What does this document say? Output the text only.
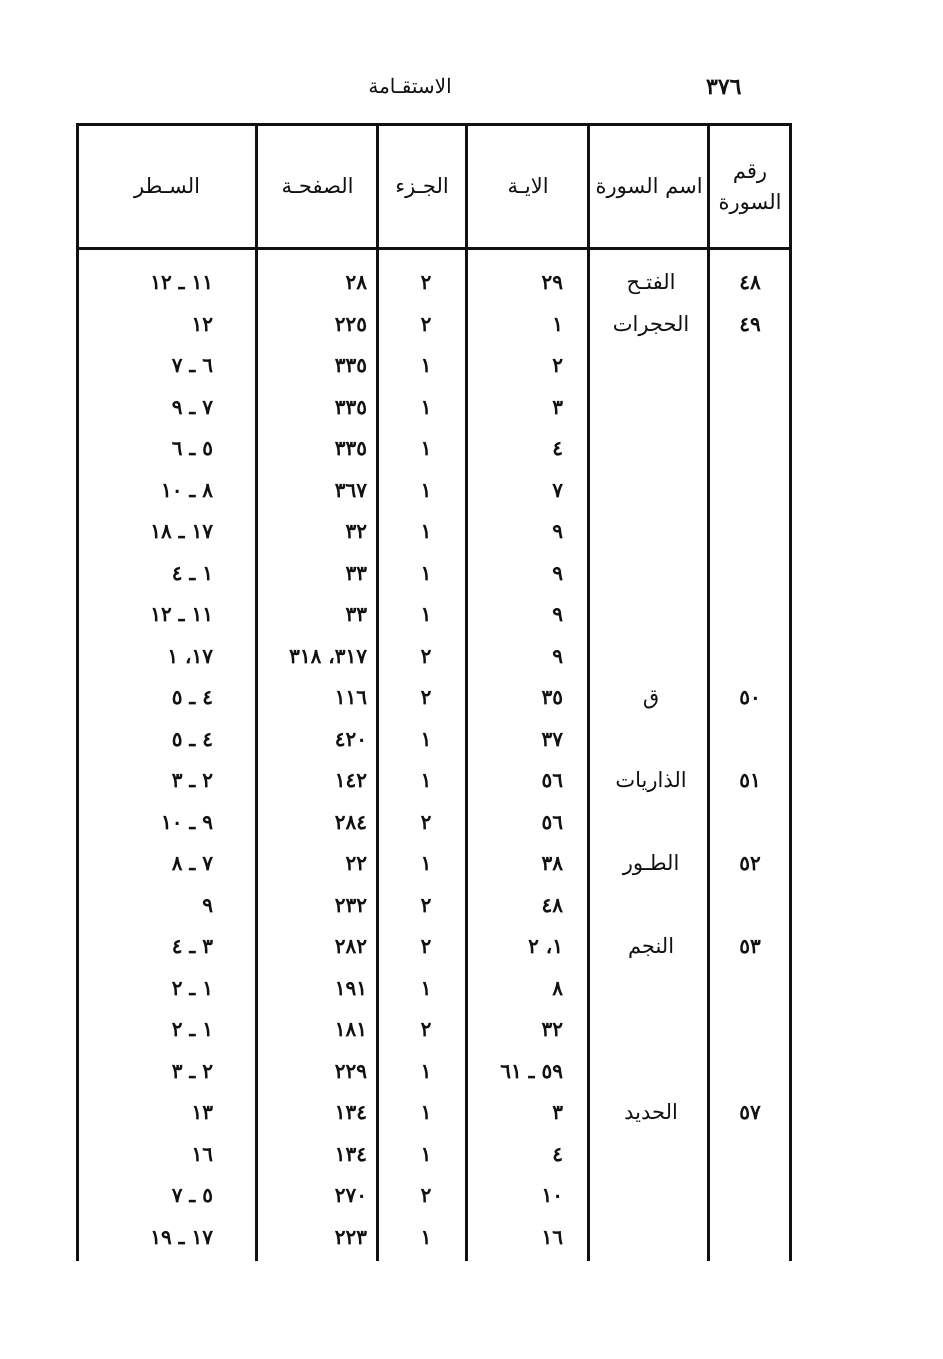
٣٧٦
الاستقـامة
رقم السورة
اسم السورة
الايـة
الجـزء
الصفحـة
السـطر
٤٨
الفتـح
٢٩
٢
٢٨
١١ ـ ١٢
٤٩
الحجرات
١
٢
٢٢٥
١٢
٢
١
٣٣٥
٦ ـ ٧
٣
١
٣٣٥
٧ ـ ٩
٤
١
٣٣٥
٥ ـ ٦
٧
١
٣٦٧
٨ ـ ١٠
٩
١
٣٢
١٧ ـ ١٨
٩
١
٣٣
١ ـ ٤
٩
١
٣٣
١١ ـ ١٢
٩
٢
٣١٧، ٣١٨
١٧، ١
٥٠
ق
٣٥
٢
١١٦
٤ ـ ٥
٣٧
١
٤٢٠
٤ ـ ٥
٥١
الذاريات
٥٦
١
١٤٢
٢ ـ ٣
٥٦
٢
٢٨٤
٩ ـ ١٠
٥٢
الطـور
٣٨
١
٢٢
٧ ـ ٨
٤٨
٢
٢٣٢
٩
٥٣
النجم
١، ٢
٢
٢٨٢
٣ ـ ٤
٨
١
١٩١
١ ـ ٢
٣٢
٢
١٨١
١ ـ ٢
٥٩ ـ ٦١
١
٢٢٩
٢ ـ ٣
٥٧
الحديد
٣
١
١٣٤
١٣
٤
١
١٣٤
١٦
١٠
٢
٢٧٠
٥ ـ ٧
١٦
١
٢٢٣
١٧ ـ ١٩
